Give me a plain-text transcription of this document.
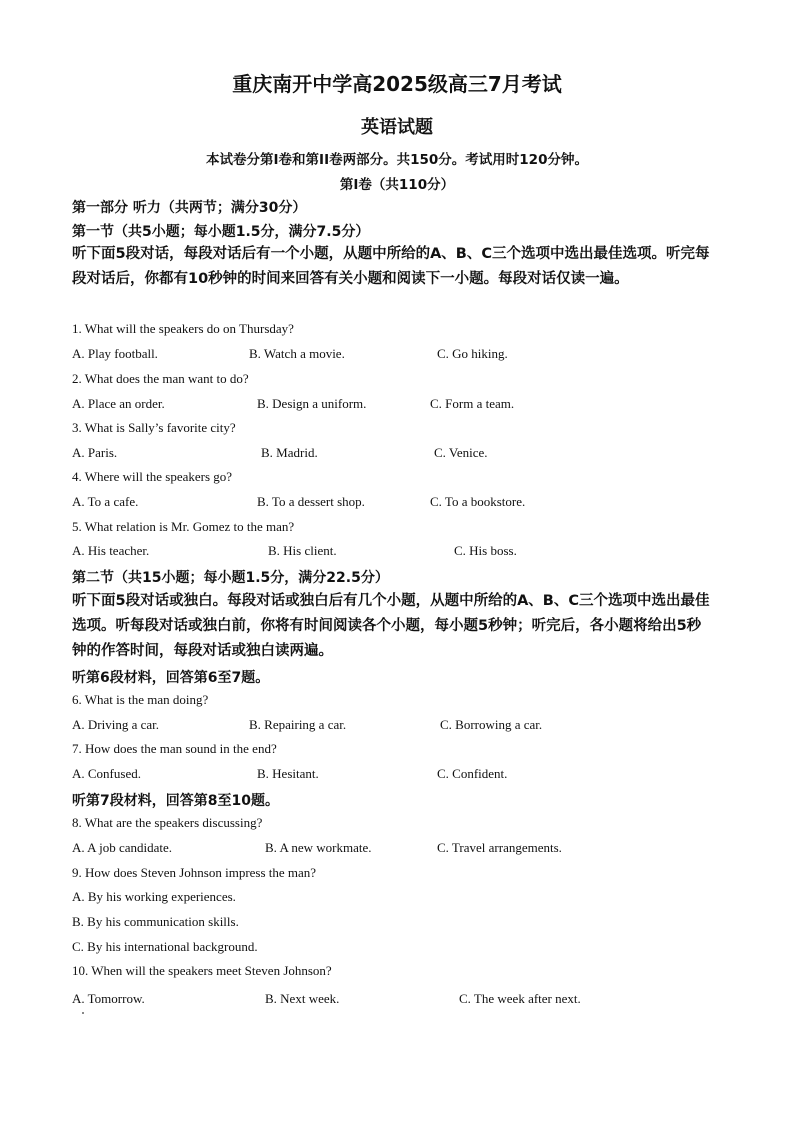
重庆南开中学高2025级高三7月考试
英语试题
本试卷分第I卷和第II卷两部分。共150分。考试用时120分钟。
第I卷（共110分）
第一部分 听力（共两节；满分30分）
第一节（共5小题；每小题1.5分，满分7.5分）
听下面5段对话，每段对话后有一个小题，从题中所给的A、B、C三个选项中选出最佳选项。听完每段对话后，你都有10秒钟的时间来回答有关小题和阅读下一小题。每段对话仅读一遍。
1. What will the speakers do on Thursday?
A. Play football.	B. Watch a movie.	C. Go hiking.
2. What does the man want to do?
A. Place an order.	B. Design a uniform.	C. Form a team.
3. What is Sally’s favorite city?
A. Paris.	B. Madrid.	C. Venice.
4. Where will the speakers go?
A. To a cafe.	B. To a dessert shop.	C. To a bookstore.
5. What relation is Mr. Gomez to the man?
A. His teacher.	B. His client.	C. His boss.
第二节（共15小题；每小题1.5分，满分22.5分）
听下面5段对话或独白。每段对话或独白后有几个小题，从题中所给的A、B、C三个选项中选出最佳选项。听每段对话或独白前，你将有时间阅读各个小题，每小题5秒钟；听完后，各小题将给出5秒钟的作答时间，每段对话或独白读两遍。
听第6段材料，回答第6至7题。
6. What is the man doing?
A. Driving a car.	B. Repairing a car.	C. Borrowing a car.
7. How does the man sound in the end?
A. Confused.	B. Hesitant.	C. Confident.
听第7段材料，回答第8至10题。
8. What are the speakers discussing?
A. A job candidate.	B. A new workmate.	C. Travel arrangements.
9. How does Steven Johnson impress the man?
A. By his working experiences.
B. By his communication skills.
C. By his international background.
10. When will the speakers meet Steven Johnson?
A. Tomorrow.	B. Next week.	C. The week after next.
